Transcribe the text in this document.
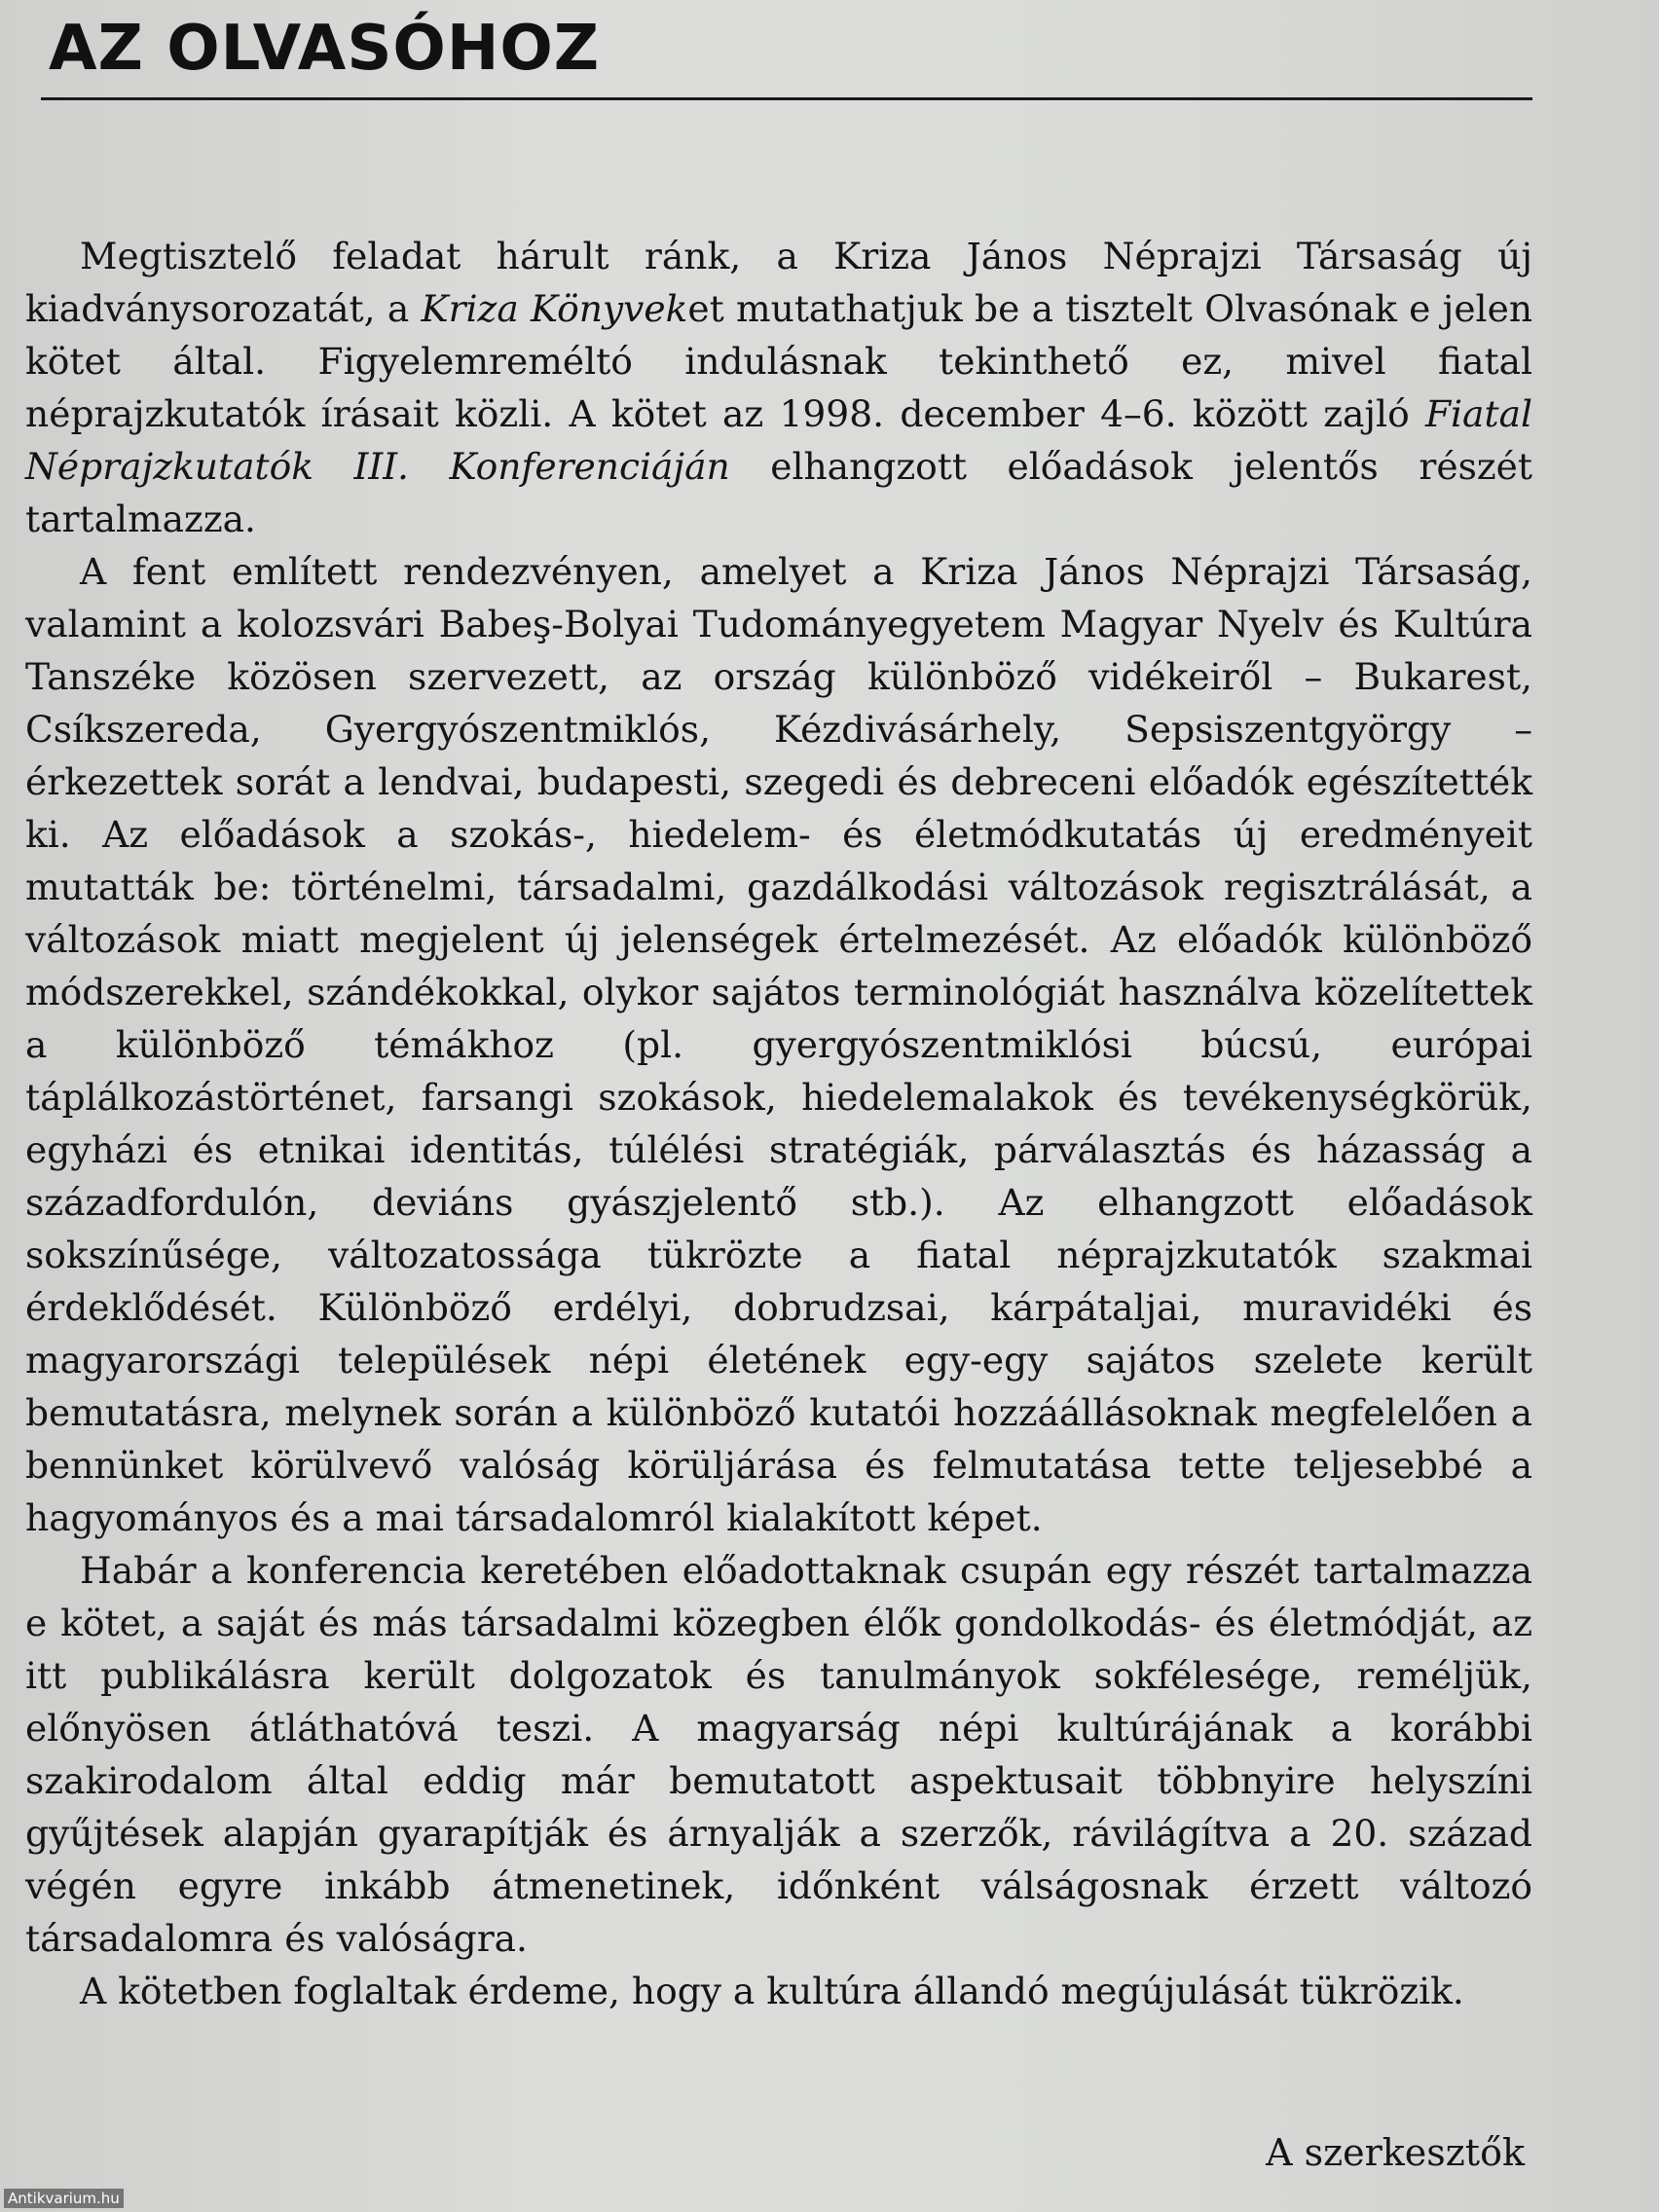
AZ OLVASÓHOZ

Megtisztelő feladat hárult ránk, a Kriza János Néprajzi Társaság új kiadványsorozatát, a Kriza Könyveket mutathatjuk be a tisztelt Olvasónak e jelen kötet által. Figyelemreméltó indulásnak tekinthető ez, mivel fiatal néprajzkutatók írásait közli. A kötet az 1998. december 4–6. között zajló Fiatal Néprajzkutatók III. Konferenciáján elhangzott előadások jelentős részét tartalmazza.

A fent említett rendezvényen, amelyet a Kriza János Néprajzi Társaság, valamint a kolozsvári Babeş-Bolyai Tudományegyetem Magyar Nyelv és Kultúra Tanszéke közösen szervezett, az ország különböző vidékeiről – Bukarest, Csíkszereda, Gyergyószentmiklós, Kézdivásárhely, Sepsiszentgyörgy – érkezettek sorát a lendvai, budapesti, szegedi és debreceni előadók egészítették ki. Az előadások a szokás-, hiedelem- és életmódkutatás új eredményeit mutatták be: történelmi, társadalmi, gazdálkodási változások regisztrálását, a változások miatt megjelent új jelenségek értelmezését. Az előadók különböző módszerekkel, szándékokkal, olykor sajátos terminológiát használva közelítettek a különböző témákhoz (pl. gyergyószentmiklósi búcsú, európai táplálkozástörténet, farsangi szokások, hiedelemalakok és tevékenységkörük, egyházi és etnikai identitás, túlélési stratégiák, párválasztás és házasság a századfordulón, deviáns gyászjelentő stb.). Az elhangzott előadások sokszínűsége, változatossága tükrözte a fiatal néprajzkutatók szakmai érdeklődését. Különböző erdélyi, dobrudzsai, kárpátaljai, muravidéki és magyarországi települések népi életének egy-egy sajátos szelete került bemutatásra, melynek során a különböző kutatói hozzáállásoknak megfelelően a bennünket körülvevő valóság körüljárása és felmutatása tette teljesebbé a hagyományos és a mai társadalomról kialakított képet.

Habár a konferencia keretében előadottaknak csupán egy részét tartalmazza e kötet, a saját és más társadalmi közegben élők gondolkodás- és életmódját, az itt publikálásra került dolgozatok és tanulmányok sokfélesége, reméljük, előnyösen átláthatóvá teszi. A magyarság népi kultúrájának a korábbi szakirodalom által eddig már bemutatott aspektusait többnyire helyszíni gyűjtések alapján gyarapítják és árnyalják a szerzők, rávilágítva a 20. század végén egyre inkább átmenetinek, időnként válságosnak érzett változó társadalomra és valóságra.

A kötetben foglaltak érdeme, hogy a kultúra állandó megújulását tükrözik.

A szerkesztők
Antikvarium.hu
